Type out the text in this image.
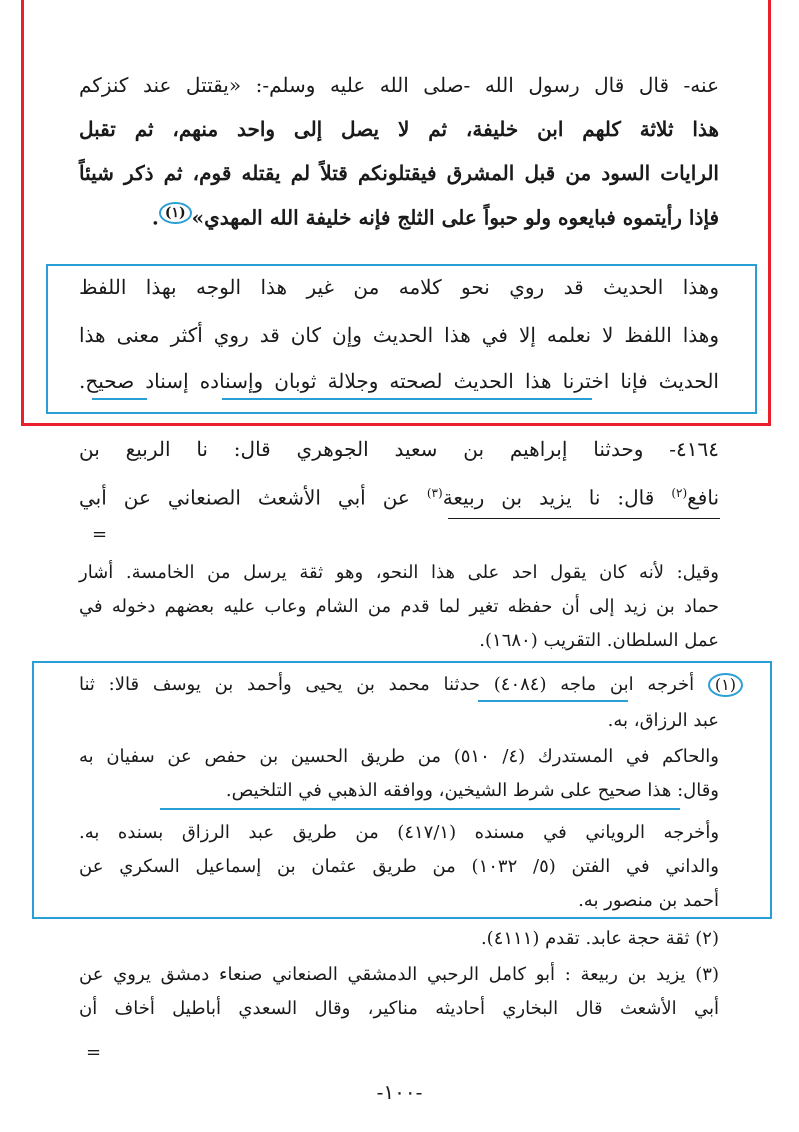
عنه- قال قال رسول الله -صلى الله عليه وسلم-: «يقتتل عند كنزكم
هذا ثلاثة كلهم ابن خليفة، ثم لا يصل إلى واحد منهم، ثم تقبل
الرايات السود من قبل المشرق فيقتلونكم قتلاً لم يقتله قوم، ثم ذكر شيئاً
فإذا رأيتموه فبايعوه ولو حبواً على الثلج فإنه خليفة الله المهدي»(١).
وهذا الحديث قد روي نحو كلامه من غير هذا الوجه بهذا اللفظ
وهذا اللفظ لا نعلمه إلا في هذا الحديث وإن كان قد روي أكثر معنى هذا
الحديث فإنا اخترنا هذا الحديث لصحته وجلالة ثوبان وإسناده إسناد صحيح.
٤١٦٤- وحدثنا إبراهيم بن سعيد الجوهري قال: نا الربيع بن
نافع$^{(٢)}$ قال: نا يزيد بن ربيعة$^{(٣)}$ عن أبي الأشعث الصنعاني عن أبي
=
وقيل: لأنه كان يقول احد على هذا النحو، وهو ثقة يرسل من الخامسة. أشار
حماد بن زيد إلى أن حفظه تغير لما قدم من الشام وعاب عليه بعضهم دخوله في
عمل السلطان. التقريب (١٦٨٠).
(١) أخرجه ابن ماجه (٤٠٨٤) حدثنا محمد بن يحيى وأحمد بن يوسف قالا: ثنا
عبد الرزاق، به.
والحاكم في المستدرك (٤/ ٥١٠) من طريق الحسين بن حفص عن سفيان به
وقال: هذا صحيح على شرط الشيخين، ووافقه الذهبي في التلخيص.
وأخرجه الروياني في مسنده (٤١٧/١) من طريق عبد الرزاق بسنده به.
والداني في الفتن (٥/ ١٠٣٢) من طريق عثمان بن إسماعيل السكري عن
أحمد بن منصور به.
(٢) ثقة حجة عابد. تقدم (٤١١١).
(٣) يزيد بن ربيعة : أبو كامل الرحبي الدمشقي الصنعاني صنعاء دمشق يروي عن
أبي الأشعث قال البخاري أحاديثه مناكير، وقال السعدي أباطيل أخاف أن
=
-١٠٠-
